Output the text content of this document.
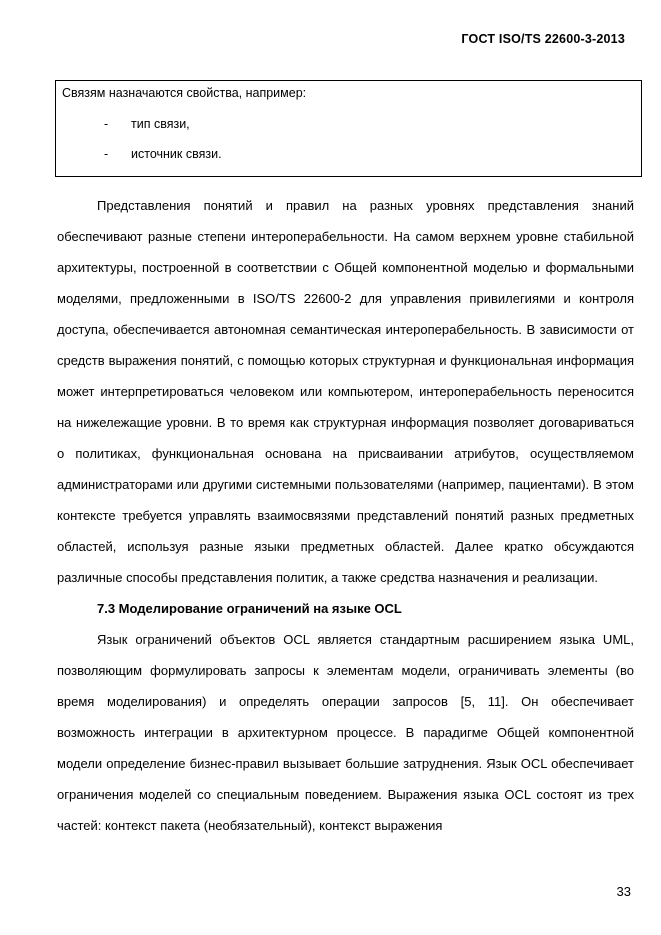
ГОСТ ISO/TS 22600-3-2013
Связям назначаются свойства, например:
-	тип связи,
-	источник связи.

Представления понятий и правил на разных уровнях представления знаний обеспечивают разные степени интероперабельности. На самом верхнем уровне стабильной архитектуры, построенной в соответствии с Общей компонентной моделью и формальными моделями, предложенными в ISO/TS 22600-2 для управления привилегиями и контроля доступа, обеспечивается автономная семантическая интероперабельность. В зависимости от средств выражения понятий, с помощью которых структурная и функциональная информация может интерпретироваться человеком или компьютером, интероперабельность переносится на нижележащие уровни. В то время как структурная информация позволяет договариваться о политиках, функциональная основана на присваивании атрибутов, осуществляемом администраторами или другими системными пользователями (например, пациентами). В этом контексте требуется управлять взаимосвязями представлений понятий разных предметных областей, используя разные языки предметных областей. Далее кратко обсуждаются различные способы представления политик, а также средства назначения и реализации.

7.3 Моделирование ограничений на языке OCL

Язык ограничений объектов OCL является стандартным расширением языка UML, позволяющим формулировать запросы к элементам модели, ограничивать элементы (во время моделирования) и определять операции запросов [5, 11]. Он обеспечивает возможность интеграции в архитектурном процессе. В парадигме Общей компонентной модели определение бизнес-правил вызывает большие затруднения. Язык OCL обеспечивает ограничения моделей со специальным поведением. Выражения языка OCL состоят из трех частей: контекст пакета (необязательный), контекст выражения

33
